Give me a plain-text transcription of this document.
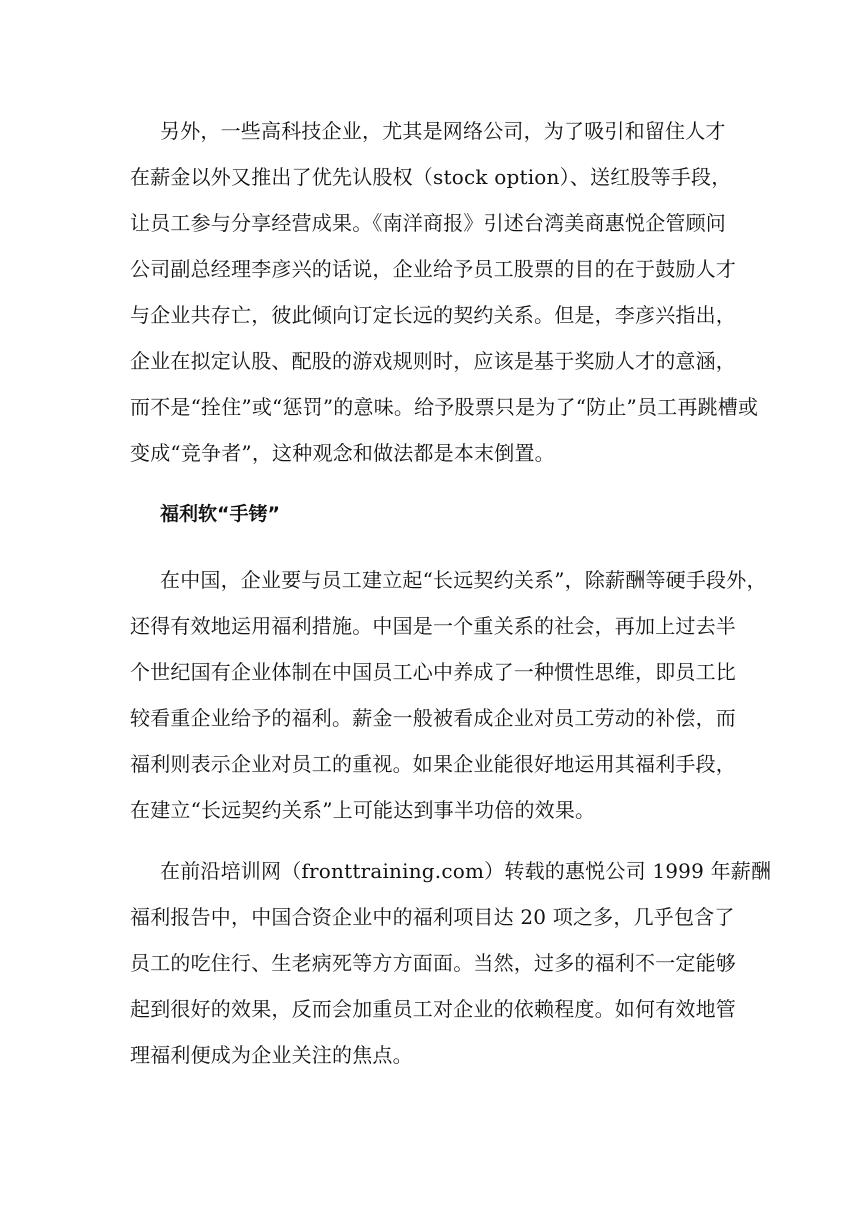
另外，一些高科技企业，尤其是网络公司，为了吸引和留住人才
在薪金以外又推出了优先认股权（stock option）、送红股等手段，
让员工参与分享经营成果。《南洋商报》引述台湾美商惠悦企管顾问
公司副总经理李彦兴的话说，企业给予员工股票的目的在于鼓励人才
与企业共存亡，彼此倾向订定长远的契约关系。但是，李彦兴指出，
企业在拟定认股、配股的游戏规则时，应该是基于奖励人才的意涵，
而不是“拴住”或“惩罚”的意味。给予股票只是为了“防止”员工再跳槽或
变成“竞争者”，这种观念和做法都是本末倒置。

福利软“手铐”

在中国，企业要与员工建立起“长远契约关系”，除薪酬等硬手段外，
还得有效地运用福利措施。中国是一个重关系的社会，再加上过去半
个世纪国有企业体制在中国员工心中养成了一种惯性思维，即员工比
较看重企业给予的福利。薪金一般被看成企业对员工劳动的补偿，而
福利则表示企业对员工的重视。如果企业能很好地运用其福利手段，
在建立“长远契约关系”上可能达到事半功倍的效果。

在前沿培训网（fronttraining.com）转载的惠悦公司 1999 年薪酬
福利报告中，中国合资企业中的福利项目达 20 项之多，几乎包含了
员工的吃住行、生老病死等方方面面。当然，过多的福利不一定能够
起到很好的效果，反而会加重员工对企业的依赖程度。如何有效地管
理福利便成为企业关注的焦点。
